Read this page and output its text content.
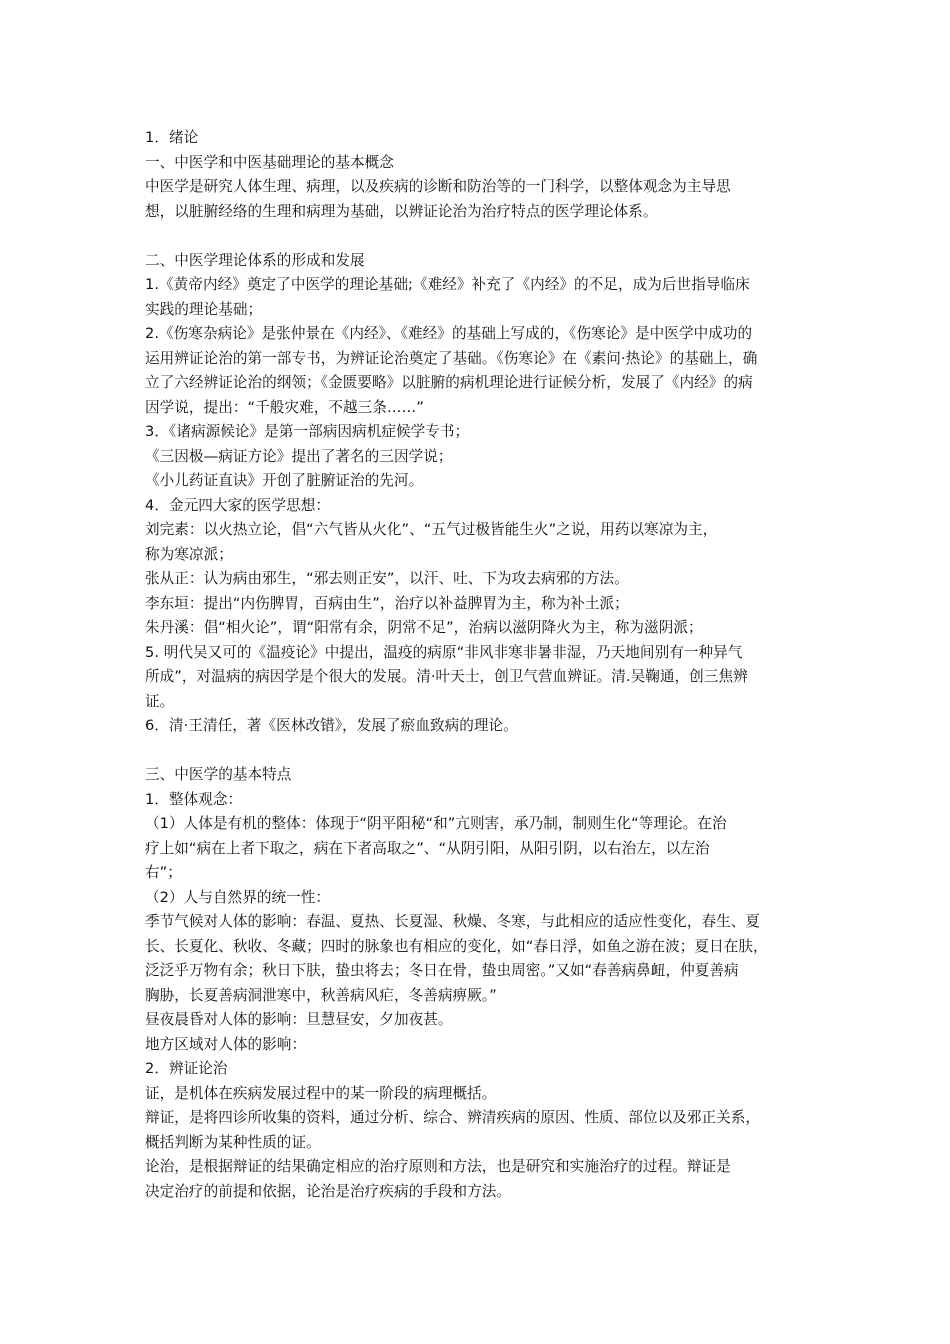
1．绪论
一、中医学和中医基础理论的基本概念
中医学是研究人体生理、病理，以及疾病的诊断和防治等的一门科学，以整体观念为主导思
想，以脏腑经络的生理和病理为基础，以辨证论治为治疗特点的医学理论体系。
二、中医学理论体系的形成和发展
1.《黄帝内经》奠定了中医学的理论基础;《难经》补充了《内经》的不足，成为后世指导临床
实践的理论基础；
2.《伤寒杂病论》是张仲景在《内经》、《难经》的基础上写成的，《伤寒论》是中医学中成功的
运用辨证论治的第一部专书，为辨证论治奠定了基础。《伤寒论》在《素问·热论》的基础上，确
立了六经辨证论治的纲领；《金匮要略》以脏腑的病机理论进行证候分析，发展了《内经》的病
因学说，提出：“千般灾难，不越三条……”
3．《诸病源候论》是第一部病因病机症候学专书；
《三因极—病证方论》提出了著名的三因学说；
《小儿药证直诀》开创了脏腑证治的先河。
4．金元四大家的医学思想：
刘完素：以火热立论，倡“六气皆从火化”、“五气过极皆能生火”之说，用药以寒凉为主，
称为寒凉派；
张从正：认为病由邪生，“邪去则正安”，以汗、吐、下为攻去病邪的方法。
李东垣：提出“内伤脾胃，百病由生”，治疗以补益脾胃为主，称为补土派；
朱丹溪：倡“相火论”，谓“阳常有余，阴常不足”，治病以滋阴降火为主，称为滋阴派；
5. 明代吴又可的《温疫论》中提出，温疫的病原“非风非寒非暑非湿，乃天地间别有一种异气
所成”，对温病的病因学是个很大的发展。清·叶天士，创卫气营血辨证。清.吴鞠通，创三焦辨
证。
6．清·王清任，著《医林改错》，发展了瘀血致病的理论。
三、中医学的基本特点
1．整体观念：
（1）人体是有机的整体：体现于“阴平阳秘“和”亢则害，承乃制，制则生化“等理论。在治
疗上如“病在上者下取之，病在下者高取之”、“从阴引阳，从阳引阴，以右治左，以左治
右”；
（2）人与自然界的统一性：
季节气候对人体的影响：春温、夏热、长夏湿、秋燥、冬寒，与此相应的适应性变化，春生、夏
长、长夏化、秋收、冬藏；四时的脉象也有相应的变化，如“春日浮，如鱼之游在波；夏日在肤，
泛泛乎万物有余；秋日下肤，蛰虫将去；冬日在骨，蛰虫周密。”又如“春善病鼻衄，仲夏善病
胸胁，长夏善病洞泄寒中，秋善病风疟，冬善病痹厥。”
昼夜晨昏对人体的影响：旦慧昼安，夕加夜甚。
地方区域对人体的影响：
2．辨证论治
证，是机体在疾病发展过程中的某一阶段的病理概括。
辩证，是将四诊所收集的资料，通过分析、综合、辨清疾病的原因、性质、部位以及邪正关系，
概括判断为某种性质的证。
论治，是根据辩证的结果确定相应的治疗原则和方法，也是研究和实施治疗的过程。辩证是
决定治疗的前提和依据，论治是治疗疾病的手段和方法。
